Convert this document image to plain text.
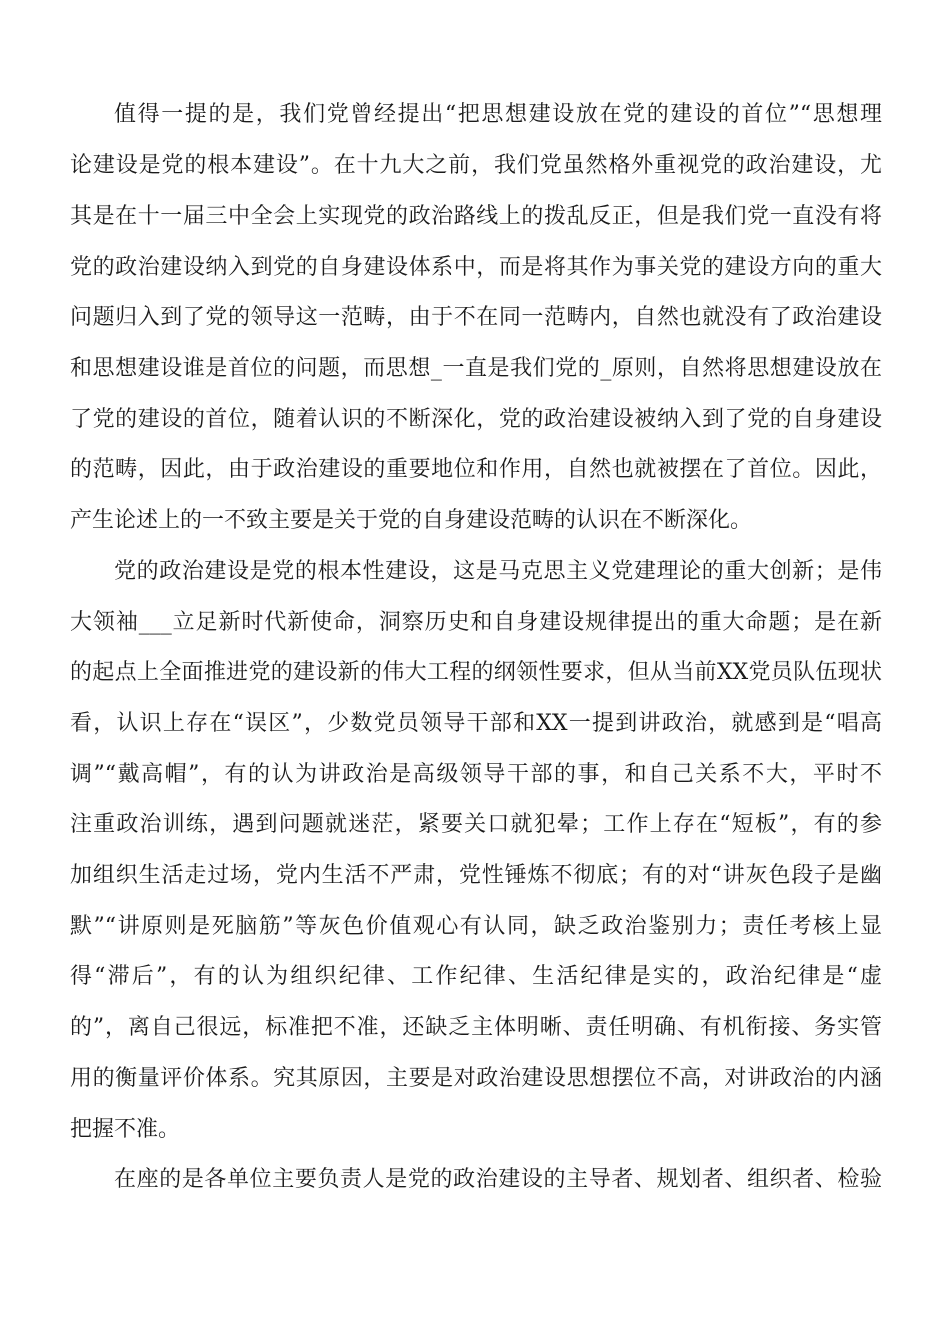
值得一提的是，我们党曾经提出“把思想建设放在党的建设的首位”“思想理

论建设是党的根本建设”。在十九大之前，我们党虽然格外重视党的政治建设，尤

其是在十一届三中全会上实现党的政治路线上的拨乱反正，但是我们党一直没有将

党的政治建设纳入到党的自身建设体系中，而是将其作为事关党的建设方向的重大

问题归入到了党的领导这一范畴，由于不在同一范畴内，自然也就没有了政治建设

和思想建设谁是首位的问题，而思想_一直是我们党的_原则，自然将思想建设放在

了党的建设的首位，随着认识的不断深化，党的政治建设被纳入到了党的自身建设

的范畴，因此，由于政治建设的重要地位和作用，自然也就被摆在了首位。因此，

产生论述上的一不致主要是关于党的自身建设范畴的认识在不断深化。

党的政治建设是党的根本性建设，这是马克思主义党建理论的重大创新；是伟

大领袖___立足新时代新使命，洞察历史和自身建设规律提出的重大命题；是在新

的起点上全面推进党的建设新的伟大工程的纲领性要求，但从当前XX党员队伍现状

看，认识上存在“误区”，少数党员领导干部和XX一提到讲政治，就感到是“唱高

调”“戴高帽”，有的认为讲政治是高级领导干部的事，和自己关系不大，平时不

注重政治训练，遇到问题就迷茫，紧要关口就犯晕；工作上存在“短板”，有的参

加组织生活走过场，党内生活不严肃，党性锤炼不彻底；有的对“讲灰色段子是幽

默”“讲原则是死脑筋”等灰色价值观心有认同，缺乏政治鉴别力；责任考核上显

得“滞后”，有的认为组织纪律、工作纪律、生活纪律是实的，政治纪律是“虚

的”，离自己很远，标准把不准，还缺乏主体明晰、责任明确、有机衔接、务实管

用的衡量评价体系。究其原因，主要是对政治建设思想摆位不高，对讲政治的内涵

把握不准。

在座的是各单位主要负责人是党的政治建设的主导者、规划者、组织者、检验
